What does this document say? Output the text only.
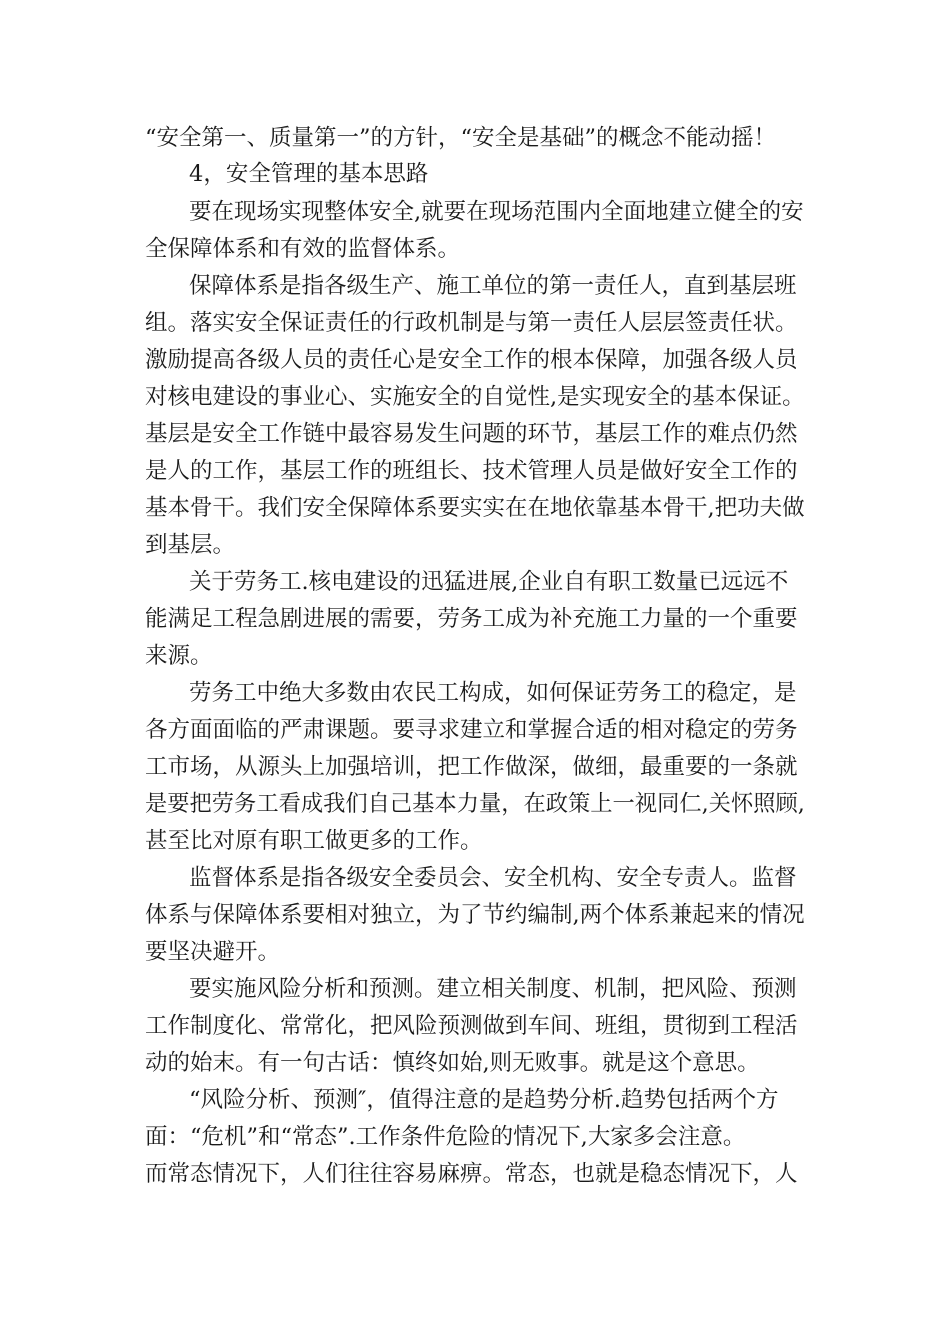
“安全第一、质量第一”的方针，“安全是基础”的概念不能动摇！
4，安全管理的基本思路
要在现场实现整体安全,就要在现场范围内全面地建立健全的安
全保障体系和有效的监督体系。
保障体系是指各级生产、施工单位的第一责任人，直到基层班
组。落实安全保证责任的行政机制是与第一责任人层层签责任状。
激励提高各级人员的责任心是安全工作的根本保障，加强各级人员
对核电建设的事业心、实施安全的自觉性,是实现安全的基本保证。
基层是安全工作链中最容易发生问题的环节，基层工作的难点仍然
是人的工作，基层工作的班组长、技术管理人员是做好安全工作的
基本骨干。我们安全保障体系要实实在在地依靠基本骨干,把功夫做
到基层。
关于劳务工.核电建设的迅猛进展,企业自有职工数量已远远不
能满足工程急剧进展的需要，劳务工成为补充施工力量的一个重要
来源。
劳务工中绝大多数由农民工构成，如何保证劳务工的稳定，是
各方面面临的严肃课题。要寻求建立和掌握合适的相对稳定的劳务
工市场，从源头上加强培训，把工作做深，做细，最重要的一条就
是要把劳务工看成我们自己基本力量，在政策上一视同仁,关怀照顾,
甚至比对原有职工做更多的工作。
监督体系是指各级安全委员会、安全机构、安全专责人。监督
体系与保障体系要相对独立，为了节约编制,两个体系兼起来的情况
要坚决避开。
要实施风险分析和预测。建立相关制度、机制，把风险、预测
工作制度化、常常化，把风险预测做到车间、班组，贯彻到工程活
动的始末。有一句古话：慎终如始,则无败事。就是这个意思。
“风险分析、预测″，值得注意的是趋势分析.趋势包括两个方
面：“危机”和“常态”.工作条件危险的情况下,大家多会注意。
而常态情况下，人们往往容易麻痹。常态，也就是稳态情况下，人
